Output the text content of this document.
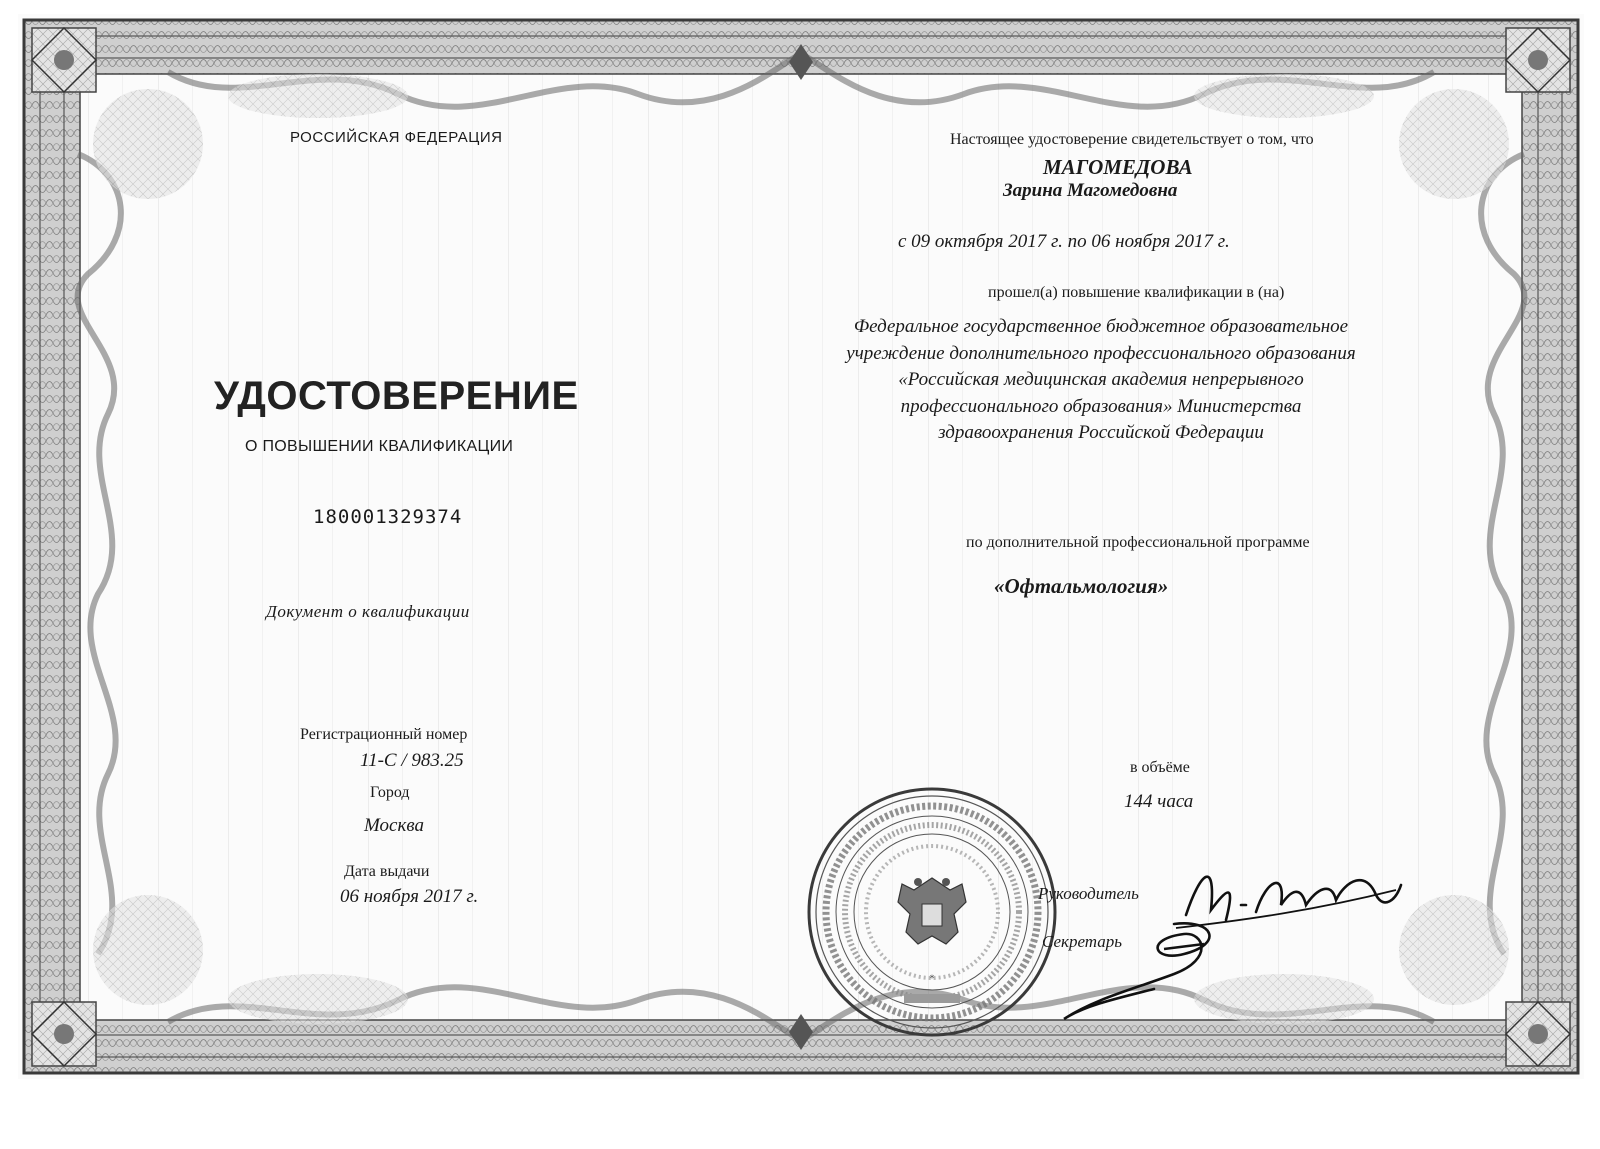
РОССИЙСКАЯ ФЕДЕРАЦИЯ
УДОСТОВЕРЕНИЕ
О ПОВЫШЕНИИ КВАЛИФИКАЦИИ
180001329374
Документ о квалификации
Регистрационный номер
11-С / 983.25
Город
Москва
Дата выдачи
06 ноября 2017 г.
Настоящее удостоверение свидетельствует о том, что
МАГОМЕДОВА
Зарина Магомедовна
с 09 октября 2017 г. по 06 ноября 2017 г.
прошел(а) повышение квалификации в (на)
Федеральное государственное бюджетное образовательное
учреждение дополнительного профессионального образования
«Российская медицинская академия непрерывного
профессионального образования» Министерства
здравоохранения Российской Федерации
по дополнительной профессиональной программе
«Офтальмология»
в объёме
144 часа
*
Руководитель
Секретарь
